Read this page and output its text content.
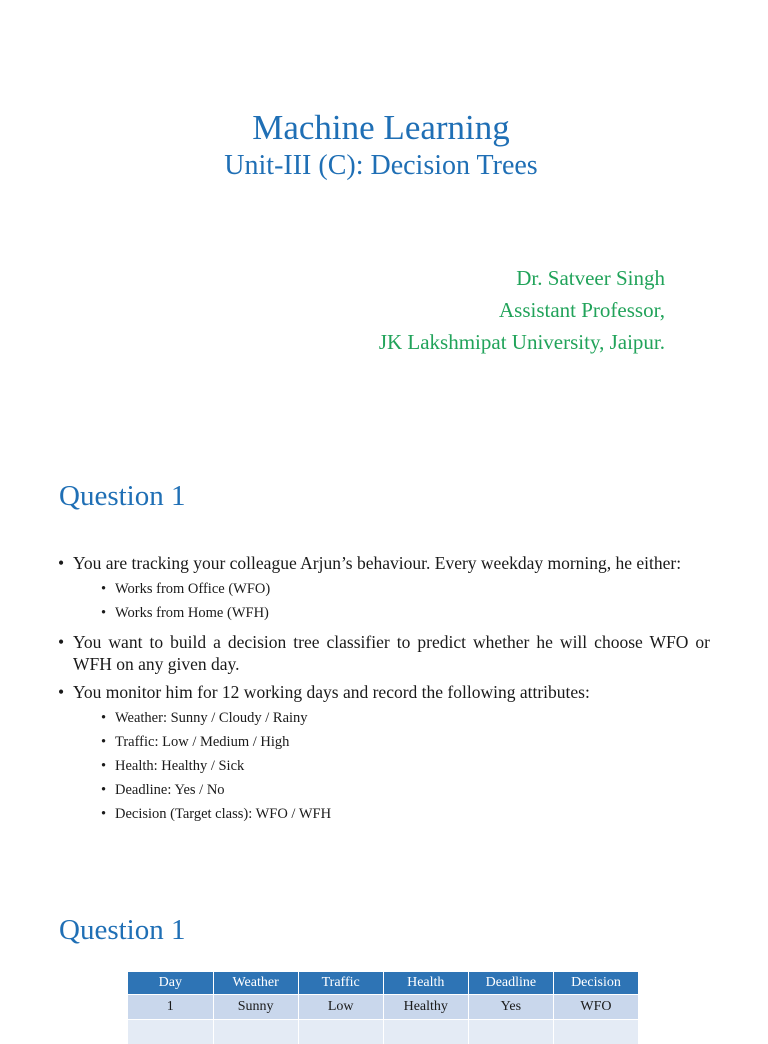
Machine Learning
Unit-III (C): Decision Trees
Dr. Satveer Singh
Assistant Professor,
JK Lakshmipat University, Jaipur.
Question 1
• You are tracking your colleague Arjun’s behaviour. Every weekday morning, he either:
• Works from Office (WFO)
• Works from Home (WFH)
• You want to build a decision tree classifier to predict whether he will choose WFO or WFH on any given day.
• You monitor him for 12 working days and record the following attributes:
• Weather: Sunny / Cloudy / Rainy
• Traffic: Low / Medium / High
• Health: Healthy / Sick
• Deadline: Yes / No
• Decision (Target class): WFO / WFH
Question 1
Day	Weather	Traffic	Health	Deadline	Decision
1	Sunny	Low	Healthy	Yes	WFO
